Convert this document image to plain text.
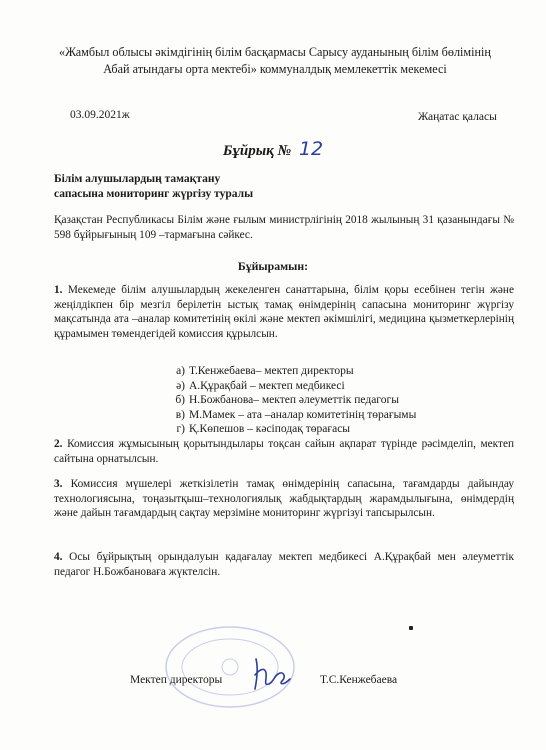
«Жамбыл облысы әкімдігінің білім басқармасы Сарысу ауданының білім бөлімінің
Абай атындағы орта мектебі» коммуналдық мемлекеттік мекемесі
03.09.2021ж	Жаңатас қаласы
Бұйрық № 12
Білім алушылардың тамақтану
сапасына мониторинг жүргізу туралы
Қазақстан Республикасы Білім және ғылым министрлігінің 2018 жылының 31 қазанындағы № 598 бұйрығының 109 –тармағына сәйкес.
Бұйырамын:
1. Мекемеде білім алушылардың жекеленген санаттарына, білім қоры есебінен тегін және жеңілдікпен бір мезгіл берілетін ыстық тамақ өнімдерінің сапасына мониторинг жүргізу мақсатында ата –аналар комитетінің өкілі және мектеп әкімшілігі, медицина қызметкерлерінің құрамымен төмендегідей комиссия құрылсын.
а) Т.Кенжебаева– мектеп директоры
ә) А.Құрақбай – мектеп медбикесі
б) Н.Божбанова– мектеп әлеуметтік педагогы
в) М.Мамек – ата –аналар комитетінің төрағымы
г) Қ.Көпешов – кәсіподақ төрағасы
2. Комиссия жұмысының қорытындылары тоқсан сайын ақпарат түрінде рәсімделіп, мектеп сайтына орнатылсын.
3. Комиссия мүшелері жеткізілетін тамақ өнімдерінің сапасына, тағамдарды дайындау технологиясына, тоңазытқыш–технологиялық жабдықтардың жарамдылығына, өнімдердің және дайын тағамдардың сақтау мерзіміне мониторинг жүргізуі тапсырылсын.
4. Осы бұйрықтың орындалуын қадағалау мектеп медбикесі А.Құрақбай мен әлеуметтік педагог Н.Божбановаға жүктелсін.
Мектеп директоры	Т.С.Кенжебаева
